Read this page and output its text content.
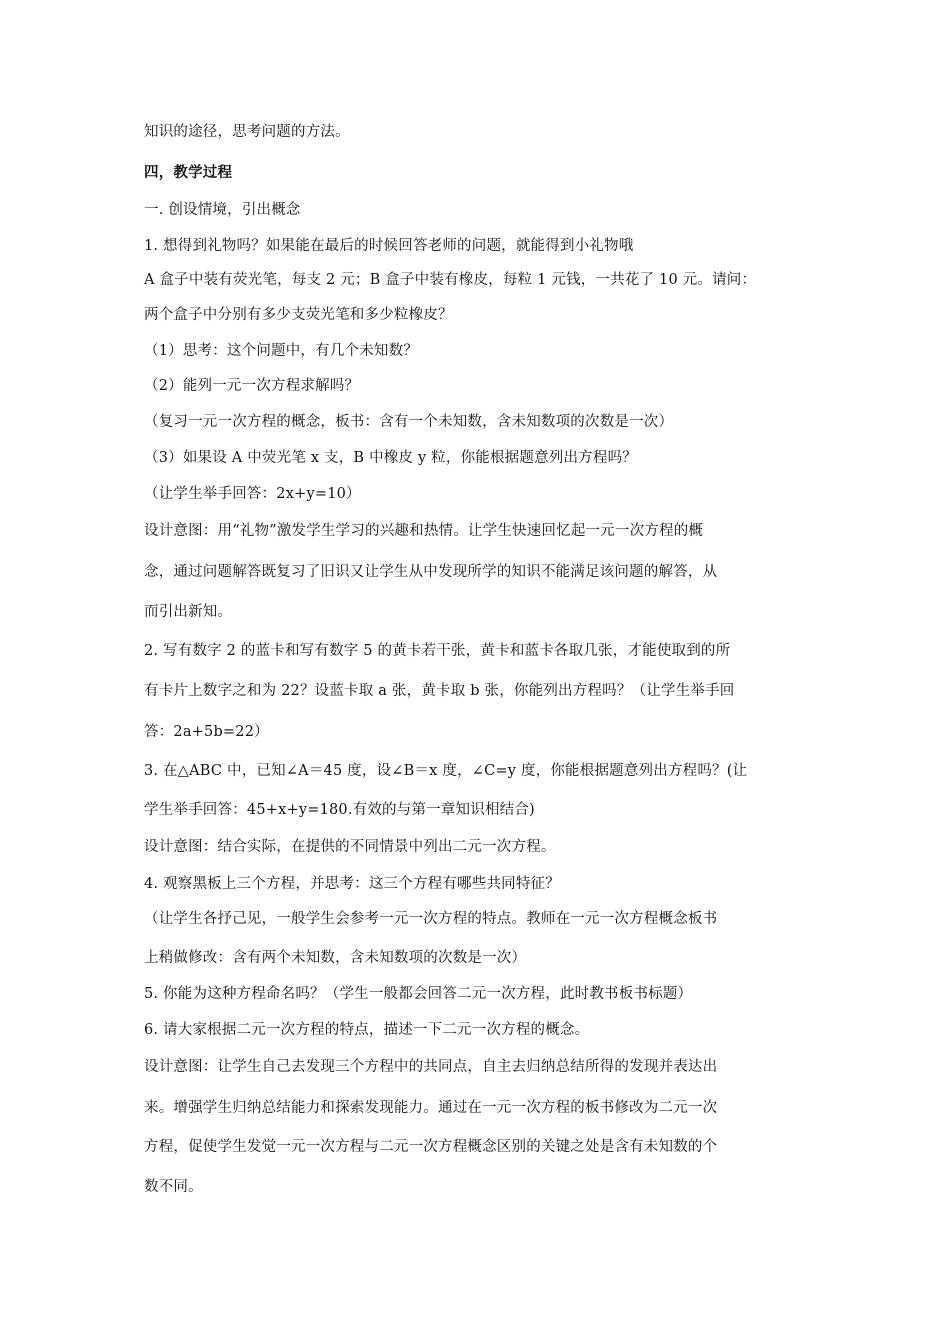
知识的途径，思考问题的方法。
四，教学过程
一. 创设情境，引出概念
1. 想得到礼物吗？如果能在最后的时候回答老师的问题，就能得到小礼物哦
A 盒子中装有荧光笔，每支 2 元；B 盒子中装有橡皮，每粒 1 元钱，一共花了 10 元。请问：
两个盒子中分别有多少支荧光笔和多少粒橡皮？
（1）思考：这个问题中，有几个未知数？
（2）能列一元一次方程求解吗？
（复习一元一次方程的概念，板书：含有一个未知数，含未知数项的次数是一次）
（3）如果设 A 中荧光笔 x 支，B 中橡皮 y 粒，你能根据题意列出方程吗？
（让学生举手回答：2x+y=10）
设计意图：用“礼物”激发学生学习的兴趣和热情。让学生快速回忆起一元一次方程的概
念，通过问题解答既复习了旧识又让学生从中发现所学的知识不能满足该问题的解答，从
而引出新知。
2. 写有数字 2 的蓝卡和写有数字 5 的黄卡若干张，黄卡和蓝卡各取几张，才能使取到的所
有卡片上数字之和为 22？设蓝卡取 a 张，黄卡取 b 张，你能列出方程吗？（让学生举手回
答：2a+5b=22）
3. 在△ABC 中，已知∠A＝45 度，设∠B＝x 度，∠C=y 度，你能根据题意列出方程吗？(让
学生举手回答：45+x+y=180.有效的与第一章知识相结合)
设计意图：结合实际，在提供的不同情景中列出二元一次方程。
4. 观察黑板上三个方程，并思考：这三个方程有哪些共同特征？
（让学生各抒己见，一般学生会参考一元一次方程的特点。教师在一元一次方程概念板书
上稍做修改：含有两个未知数，含未知数项的次数是一次）
5. 你能为这种方程命名吗？（学生一般都会回答二元一次方程，此时教书板书标题）
6. 请大家根据二元一次方程的特点，描述一下二元一次方程的概念。
设计意图：让学生自己去发现三个方程中的共同点，自主去归纳总结所得的发现并表达出
来。增强学生归纳总结能力和探索发现能力。通过在一元一次方程的板书修改为二元一次
方程，促使学生发觉一元一次方程与二元一次方程概念区别的关键之处是含有未知数的个
数不同。
